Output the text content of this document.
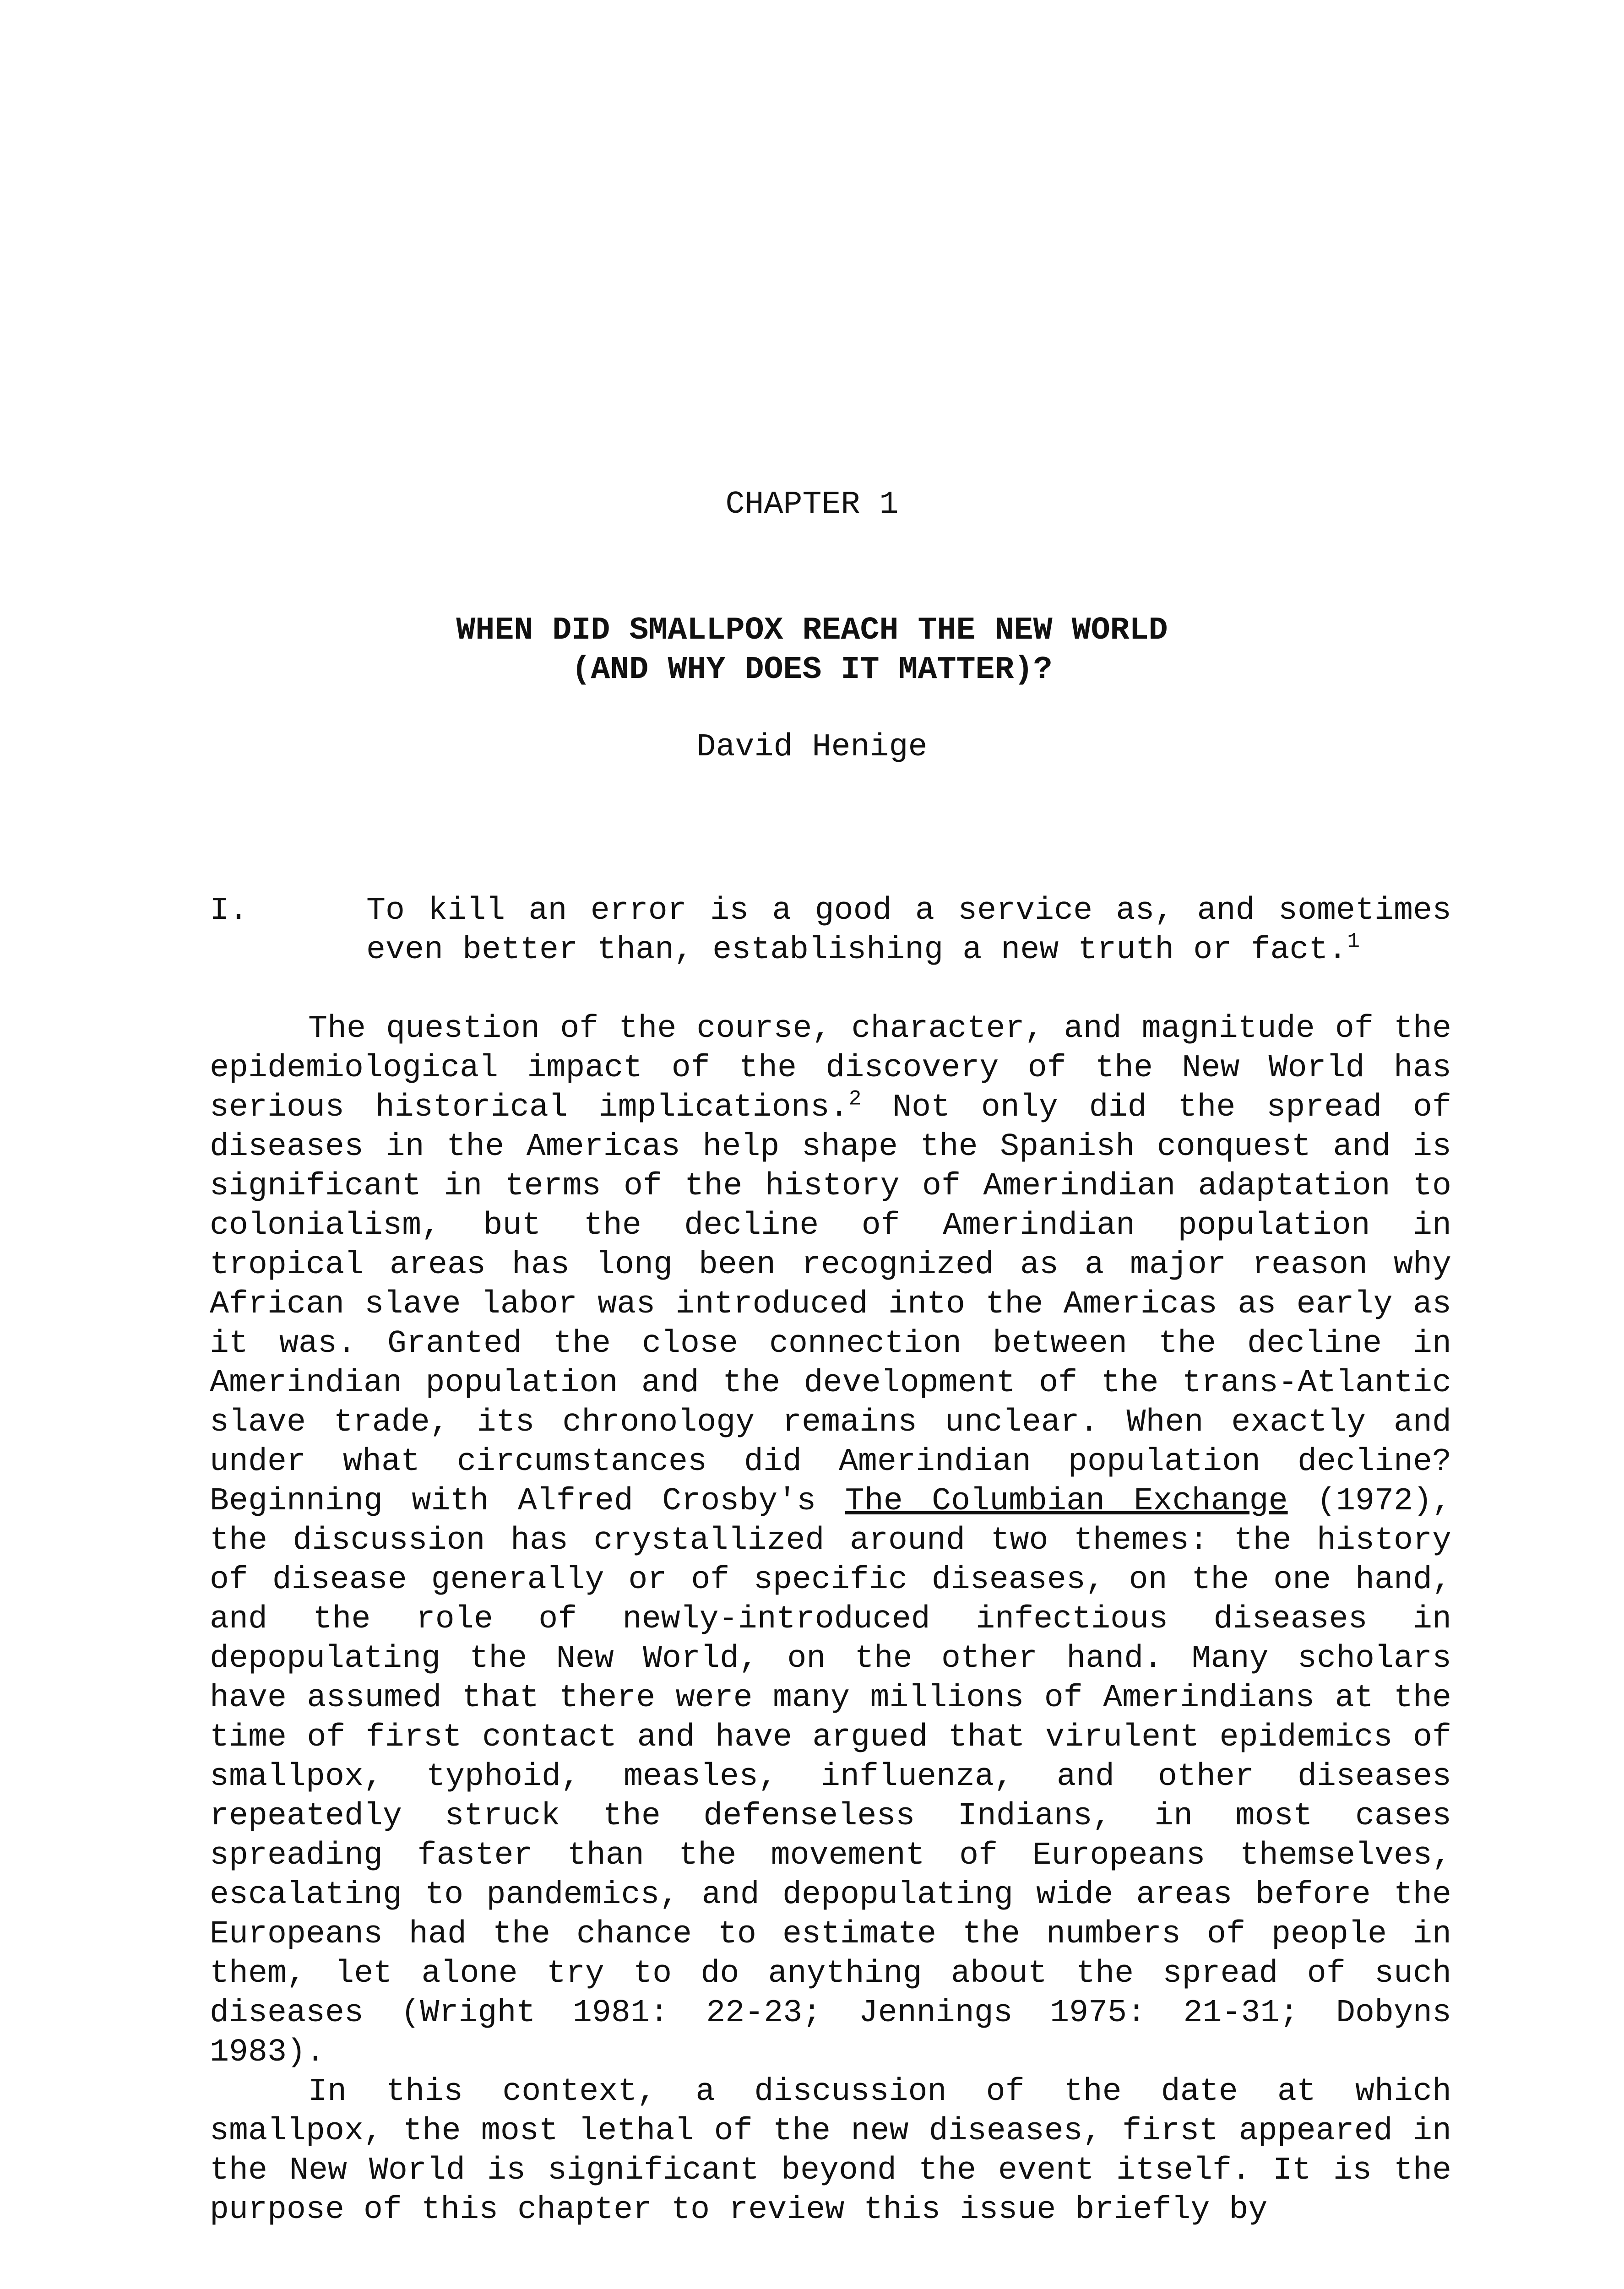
CHAPTER 1
WHEN DID SMALLPOX REACH THE NEW WORLD
(AND WHY DOES IT MATTER)?
David Henige
I.	To kill an error is a good a service as, and sometimes even better than, establishing a new truth or fact.$^1$

The question of the course, character, and magnitude of the epidemiological impact of the discovery of the New World has serious historical implications.$^2$ Not only did the spread of diseases in the Americas help shape the Spanish conquest and is significant in terms of the history of Amerindian adaptation to colonialism, but the decline of Amerindian population in tropical areas has long been recognized as a major reason why African slave labor was introduced into the Americas as early as it was. Granted the close connection between the decline in Amerindian population and the development of the trans-Atlantic slave trade, its chronology remains unclear. When exactly and under what circumstances did Amerindian population decline? Beginning with Alfred Crosby's The Columbian Exchange (1972), the discussion has crystallized around two themes: the history of disease generally or of specific diseases, on the one hand, and the role of newly-introduced infectious diseases in depopulating the New World, on the other hand. Many scholars have assumed that there were many millions of Amerindians at the time of first contact and have argued that virulent epidemics of smallpox, typhoid, measles, influenza, and other diseases repeatedly struck the defenseless Indians, in most cases spreading faster than the movement of Europeans themselves, escalating to pandemics, and depopulating wide areas before the Europeans had the chance to estimate the numbers of people in them, let alone try to do anything about the spread of such diseases (Wright 1981: 22-23; Jennings 1975: 21-31; Dobyns 1983).

In this context, a discussion of the date at which smallpox, the most lethal of the new diseases, first appeared in the New World is significant beyond the event itself. It is the purpose of this chapter to review this issue briefly by
